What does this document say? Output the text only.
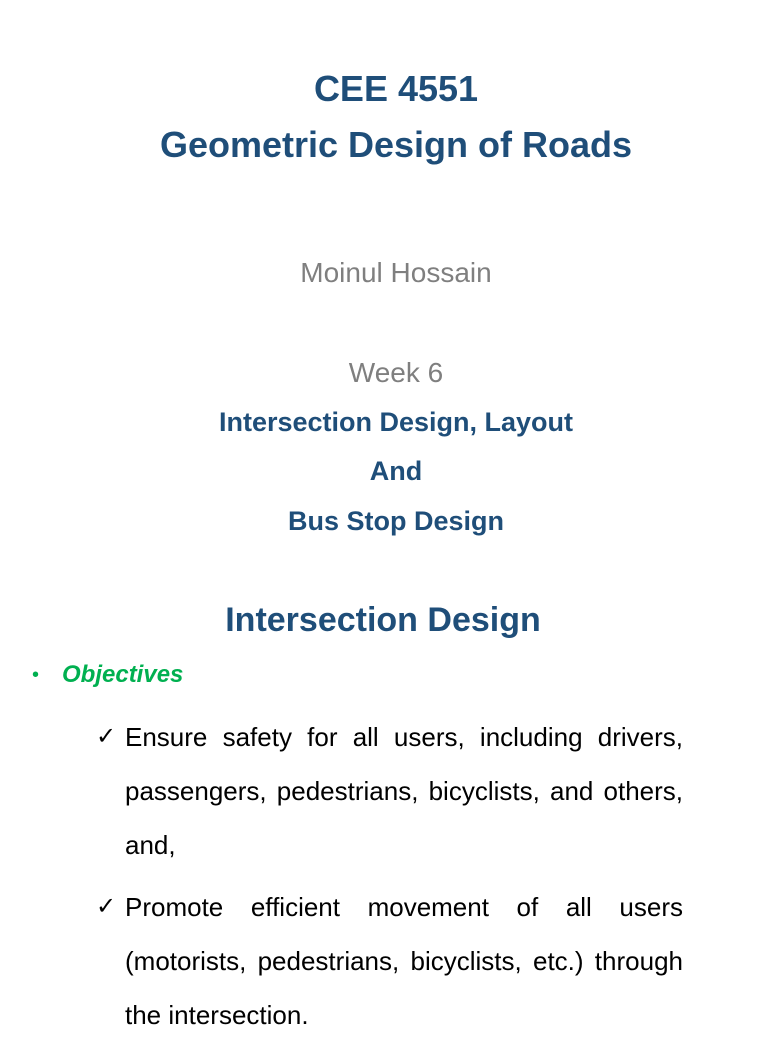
CEE 4551
Geometric Design of Roads
Moinul Hossain
Week 6
Intersection Design, Layout
And
Bus Stop Design
Intersection Design
• Objectives
✓ Ensure safety for all users, including drivers, passengers, pedestrians, bicyclists, and others, and,
✓ Promote efficient movement of all users (motorists, pedestrians, bicyclists, etc.) through the intersection.
